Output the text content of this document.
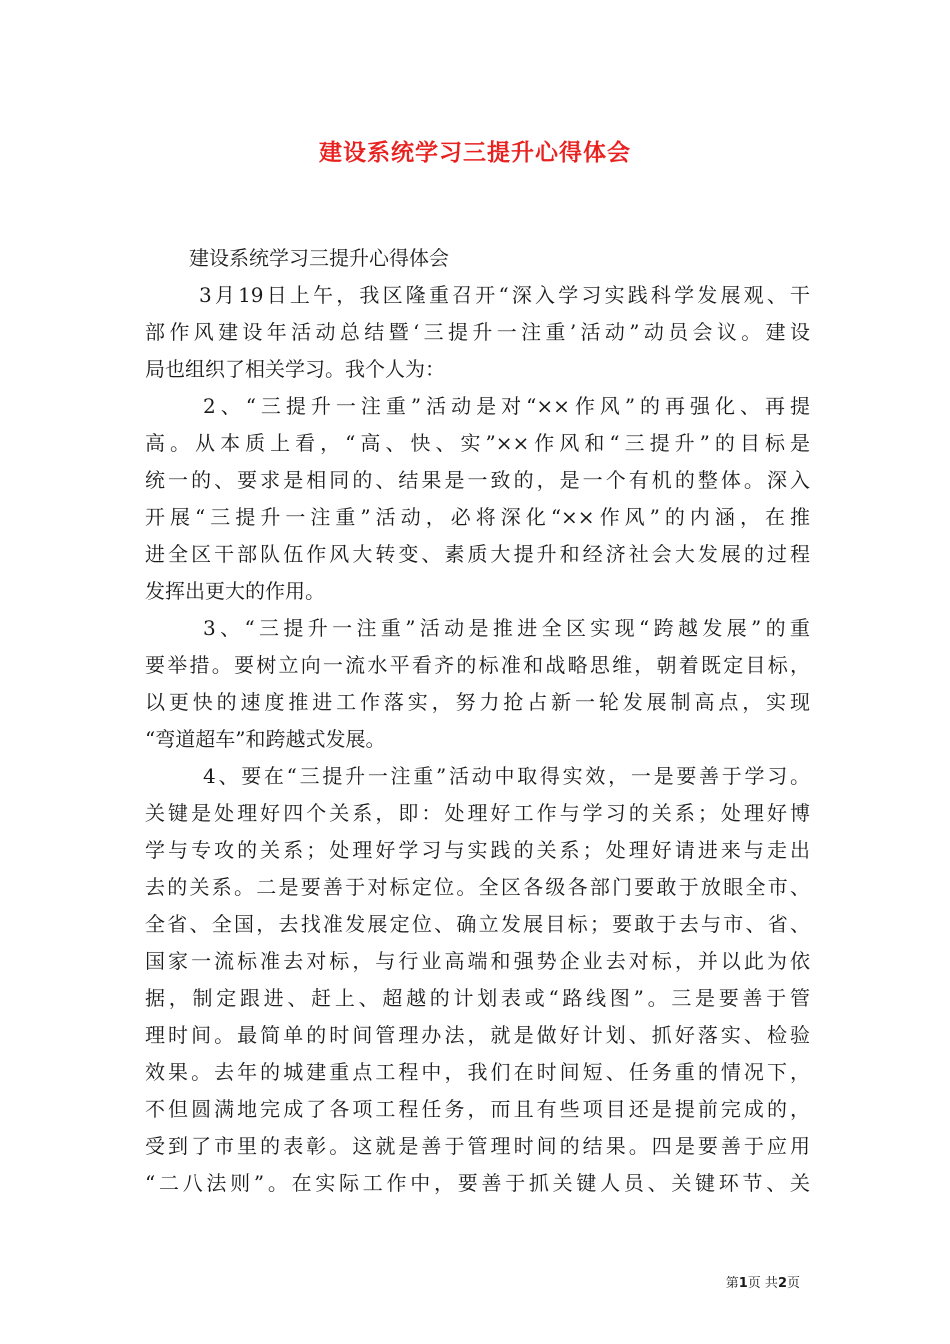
建设系统学习三提升心得体会
建设系统学习三提升心得体会
3月19日上午，我区隆重召开“深入学习实践科学发展观、干
部作风建设年活动总结暨‘三提升一注重’活动”动员会议。建设
局也组织了相关学习。我个人为：
2、“三提升一注重”活动是对“××作风”的再强化、再提
高。从本质上看，“高、快、实”××作风和“三提升”的目标是
统一的、要求是相同的、结果是一致的，是一个有机的整体。深入
开展“三提升一注重”活动，必将深化“××作风”的内涵，在推
进全区干部队伍作风大转变、素质大提升和经济社会大发展的过程
发挥出更大的作用。
3、“三提升一注重”活动是推进全区实现“跨越发展”的重
要举措。要树立向一流水平看齐的标准和战略思维，朝着既定目标，
以更快的速度推进工作落实，努力抢占新一轮发展制高点，实现
“弯道超车”和跨越式发展。
4、要在“三提升一注重”活动中取得实效，一是要善于学习。
关键是处理好四个关系，即：处理好工作与学习的关系；处理好博
学与专攻的关系；处理好学习与实践的关系；处理好请进来与走出
去的关系。二是要善于对标定位。全区各级各部门要敢于放眼全市、
全省、全国，去找准发展定位、确立发展目标；要敢于去与市、省、
国家一流标准去对标，与行业高端和强势企业去对标，并以此为依
据，制定跟进、赶上、超越的计划表或“路线图”。三是要善于管
理时间。最简单的时间管理办法，就是做好计划、抓好落实、检验
效果。去年的城建重点工程中，我们在时间短、任务重的情况下，
不但圆满地完成了各项工程任务，而且有些项目还是提前完成的，
受到了市里的表彰。这就是善于管理时间的结果。四是要善于应用
“二八法则”。在实际工作中，要善于抓关键人员、关键环节、关
第1页 共2页
